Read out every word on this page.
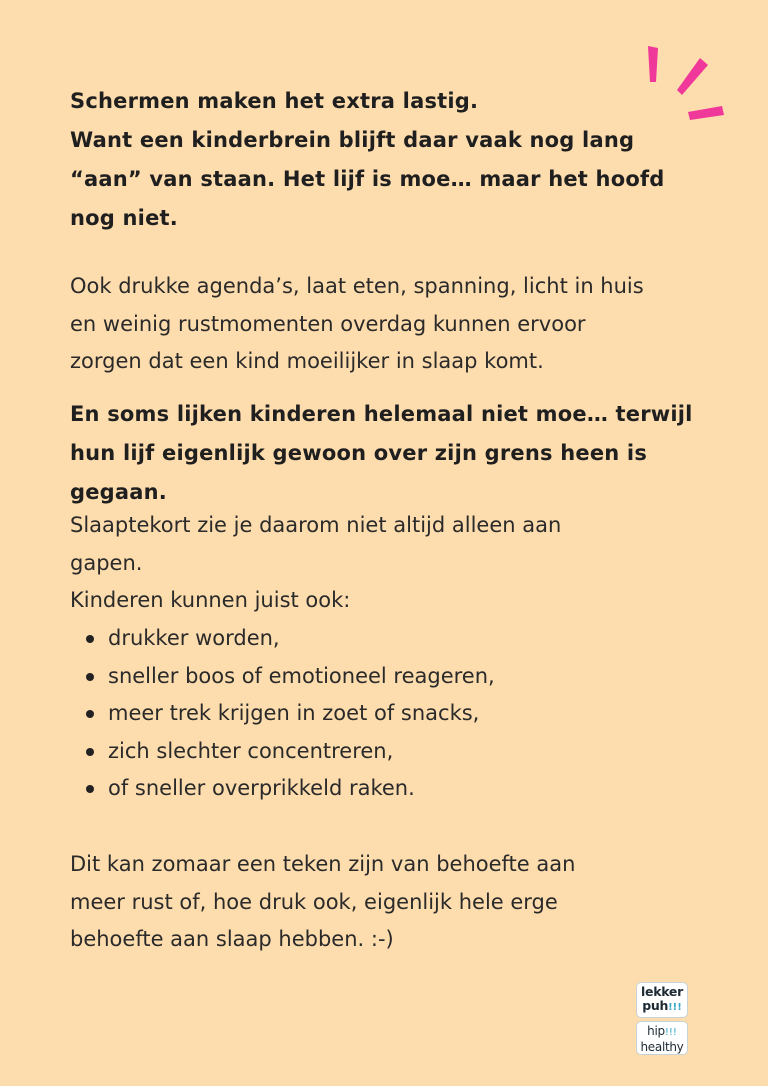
Schermen maken het extra lastig.
Want een kinderbrein blijft daar vaak nog lang
“aan” van staan. Het lijf is moe… maar het hoofd
nog niet.

Ook drukke agenda’s, laat eten, spanning, licht in huis
en weinig rustmomenten overdag kunnen ervoor
zorgen dat een kind moeilijker in slaap komt.

En soms lijken kinderen helemaal niet moe… terwijl
hun lijf eigenlijk gewoon over zijn grens heen is
gegaan.

Slaaptekort zie je daarom niet altijd alleen aan
gapen.
Kinderen kunnen juist ook:

drukker worden,
sneller boos of emotioneel reageren,
meer trek krijgen in zoet of snacks,
zich slechter concentreren,
of sneller overprikkeld raken.

Dit kan zomaar een teken zijn van behoefte aan
meer rust of, hoe druk ook, eigenlijk hele erge
behoefte aan slaap hebben. :-)

lekker
puh!!!
hip!!!
healthy
